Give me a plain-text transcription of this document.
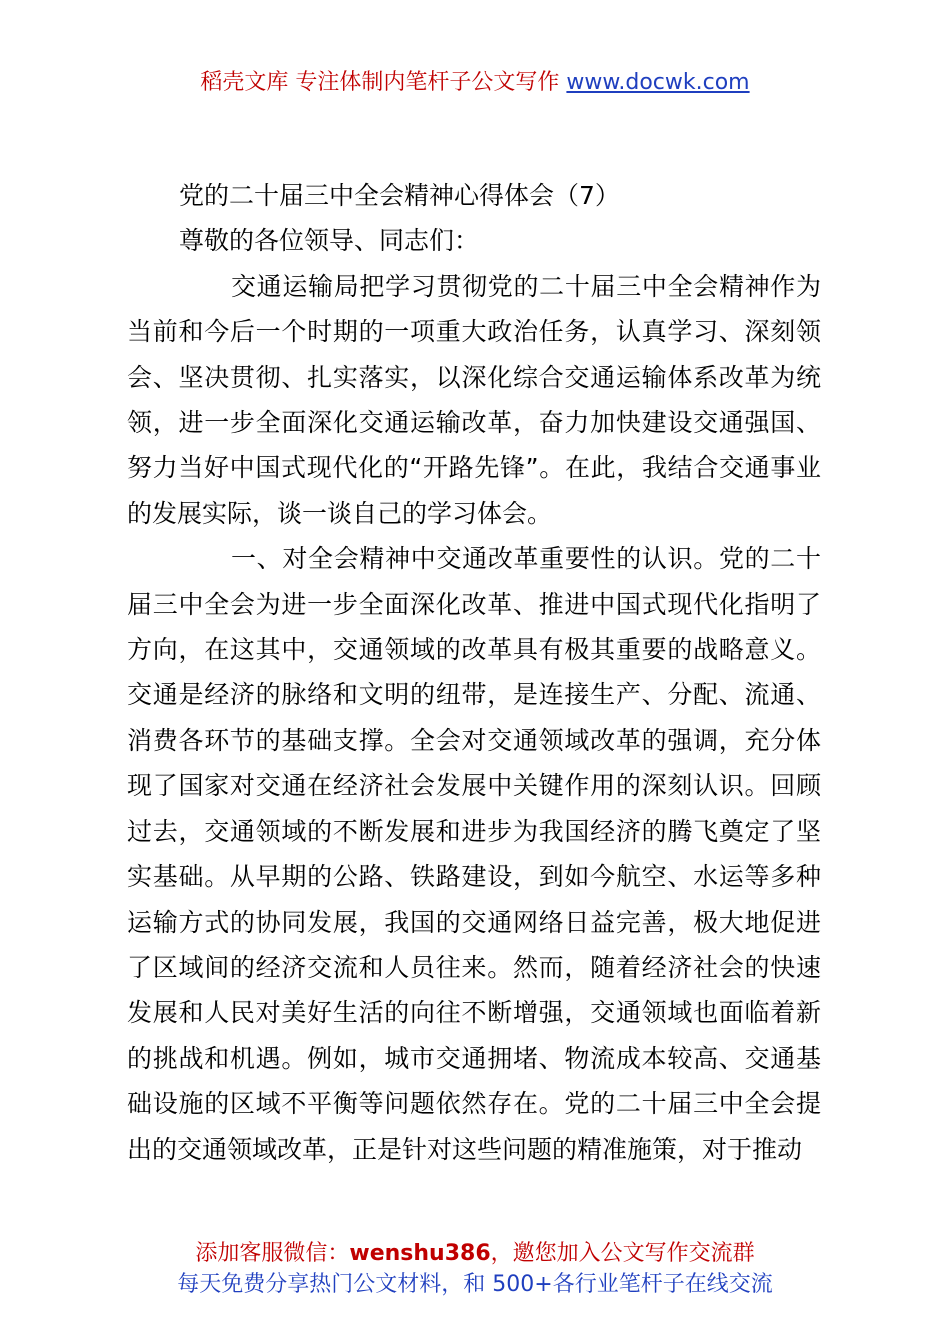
稻壳文库 专注体制内笔杆子公文写作 www.docwk.com

党的二十届三中全会精神心得体会（7）

尊敬的各位领导、同志们：

交通运输局把学习贯彻党的二十届三中全会精神作为当前和今后一个时期的一项重大政治任务，认真学习、深刻领会、坚决贯彻、扎实落实，以深化综合交通运输体系改革为统领，进一步全面深化交通运输改革，奋力加快建设交通强国、努力当好中国式现代化的“开路先锋”。在此，我结合交通事业的发展实际，谈一谈自己的学习体会。

一、对全会精神中交通改革重要性的认识。党的二十届三中全会为进一步全面深化改革、推进中国式现代化指明了方向，在这其中，交通领域的改革具有极其重要的战略意义。交通是经济的脉络和文明的纽带，是连接生产、分配、流通、消费各环节的基础支撑。全会对交通领域改革的强调，充分体现了国家对交通在经济社会发展中关键作用的深刻认识。回顾过去，交通领域的不断发展和进步为我国经济的腾飞奠定了坚实基础。从早期的公路、铁路建设，到如今航空、水运等多种运输方式的协同发展，我国的交通网络日益完善，极大地促进了区域间的经济交流和人员往来。然而，随着经济社会的快速发展和人民对美好生活的向往不断增强，交通领域也面临着新的挑战和机遇。例如，城市交通拥堵、物流成本较高、交通基础设施的区域不平衡等问题依然存在。党的二十届三中全会提出的交通领域改革，正是针对这些问题的精准施策，对于推动

添加客服微信：wenshu386，邀您加入公文写作交流群
每天免费分享热门公文材料，和 500+各行业笔杆子在线交流
